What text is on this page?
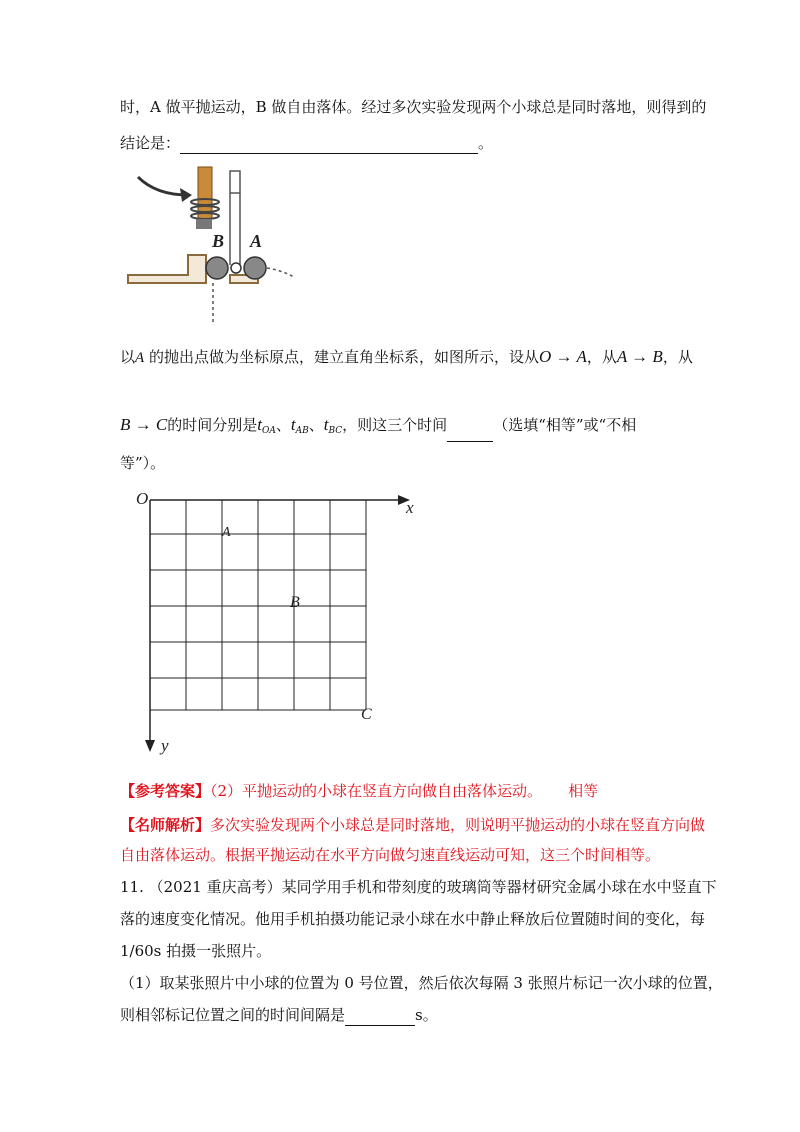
时，A 做平抛运动，B 做自由落体。经过多次实验发现两个小球总是同时落地，则得到的
结论是：	。
B A
以A 的抛出点做为坐标原点，建立直角坐标系，如图所示，设从O → A，从A → B，从
B → C的时间分别是$t_{OA}$、$t_{AB}$、$t_{BC}$，则这三个时间	（选填“相等”或“不相
等”）。
O	x
y
A
B
C
【参考答案】（2）平抛运动的小球在竖直方向做自由落体运动。 相等
【名师解析】多次实验发现两个小球总是同时落地，则说明平抛运动的小球在竖直方向做
自由落体运动。根据平抛运动在水平方向做匀速直线运动可知，这三个时间相等。
11. （2021 重庆高考）某同学用手机和带刻度的玻璃筒等器材研究金属小球在水中竖直下
落的速度变化情况。他用手机拍摄功能记录小球在水中静止释放后位置随时间的变化，每
1/60s 拍摄一张照片。
（1）取某张照片中小球的位置为 0 号位置，然后依次每隔 3 张照片标记一次小球的位置，
则相邻标记位置之间的时间间隔是	s。
